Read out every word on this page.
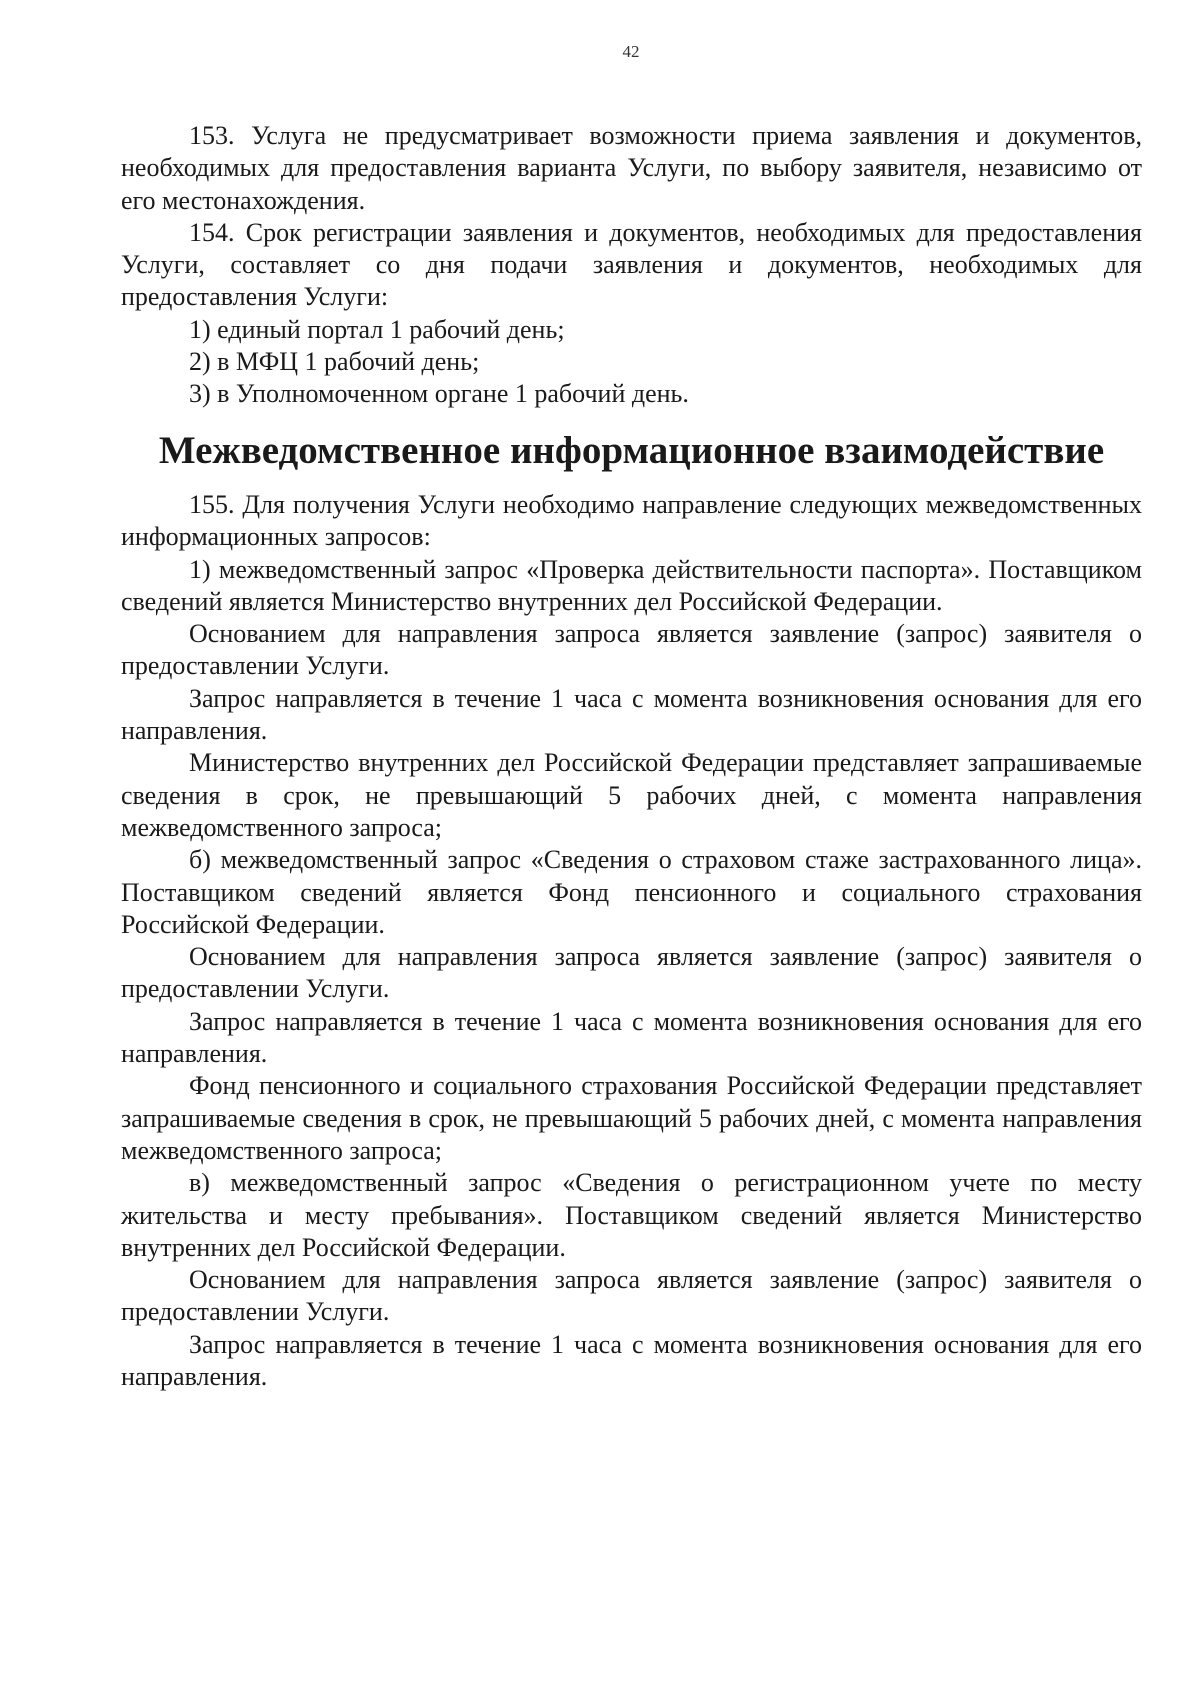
42

153. Услуга не предусматривает возможности приема заявления и документов, необходимых для предоставления варианта Услуги, по выбору заявителя, независимо от его местонахождения.

154. Срок регистрации заявления и документов, необходимых для предоставления Услуги, составляет со дня подачи заявления и документов, необходимых для предоставления Услуги:

1) единый портал 1 рабочий день;

2) в МФЦ 1 рабочий день;

3) в Уполномоченном органе 1 рабочий день.

Межведомственное информационное взаимодействие

155. Для получения Услуги необходимо направление следующих межведомственных информационных запросов:

1) межведомственный запрос «Проверка действительности паспорта». Поставщиком сведений является Министерство внутренних дел Российской Федерации.

Основанием для направления запроса является заявление (запрос) заявителя о предоставлении Услуги.

Запрос направляется в течение 1 часа с момента возникновения основания для его направления.

Министерство внутренних дел Российской Федерации представляет запрашиваемые сведения в срок, не превышающий 5 рабочих дней, с момента направления межведомственного запроса;

б) межведомственный запрос «Сведения о страховом стаже застрахованного лица». Поставщиком сведений является Фонд пенсионного и социального страхования Российской Федерации.

Основанием для направления запроса является заявление (запрос) заявителя о предоставлении Услуги.

Запрос направляется в течение 1 часа с момента возникновения основания для его направления.

Фонд пенсионного и социального страхования Российской Федерации представляет запрашиваемые сведения в срок, не превышающий 5 рабочих дней, с момента направления межведомственного запроса;

в) межведомственный запрос «Сведения о регистрационном учете по месту жительства и месту пребывания». Поставщиком сведений является Министерство внутренних дел Российской Федерации.

Основанием для направления запроса является заявление (запрос) заявителя о предоставлении Услуги.

Запрос направляется в течение 1 часа с момента возникновения основания для его направления.
